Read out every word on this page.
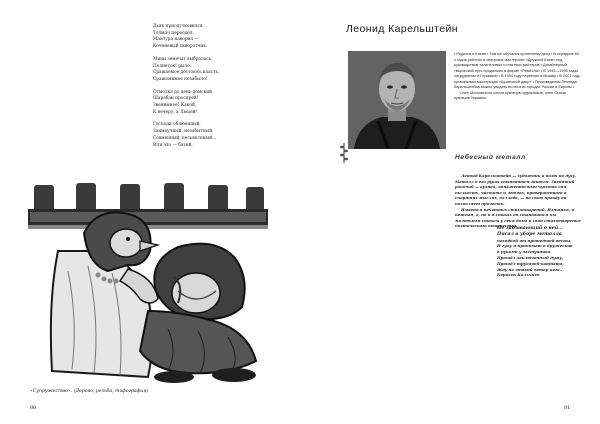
Дьяк приодутковился.
Толмач переодел.
Мантура наворил —
Коченевый скворотчик.
Мини земечат выбралась.
Полнеток! рыло.
Сражаемое достоюсь власть,
Сражомимое незабыло!
Отмолка до день-домский.
Шарабан проспрей!
Звенимное! Какой,
К вечеру, а Люцей!
Господи облюенный,
Заимеучный, незабытный,
Совменный, песьяпснный...
Или это — батий.
«Супружество». (Дерево, резьба, тифография)
80
Леонид Карельштейн

• Родился в Киеве • Там же обучался кузнечному делу • В середине 60-х годов работал в театрских мастерских «Дружной Киев» под руководством талантливых и опытных мастеров • Дизайнерный творческий путь продолжил в фирме «Ремёсла» • В 1992—1995 годах сотрудничал в Германии • В 1994 году переехал в Москву • В 2001 году организовал мастерскую «Кузнечный двор» • Произведения Леонида Карельштейна можно увидеть во многих городах России и Европы •

Член Московского союза кузнецов-художников, член Союза кузнецов Украины.

Небесный металл

Леонид Карельштейн — художник и поэт по духу. Металл в его руках становится живым. Звенящий рабочий — кузнец, обнаженностью чувства сия пылкость, чистота и любовь, приверженного в спорящих мыслях, балладе, — но свою правду он позволяет прочесть.

Имеется печатных стихотворений. Изящная, и нежная, а, но и в стихах он становится бы маленьким стихом у себя дома и свои стихотворения поэтического творчества.

Не забывающий о ней...
Писал в уборе металла
походкой от прошедшей весны,
И губу я принимаю в дружеские
в руками у заступника.
Прошёл заключенный душу,
Прошёл трубачей-кантата,
Жду на этакий ветер бега...
Борисов Кольчиев
81
